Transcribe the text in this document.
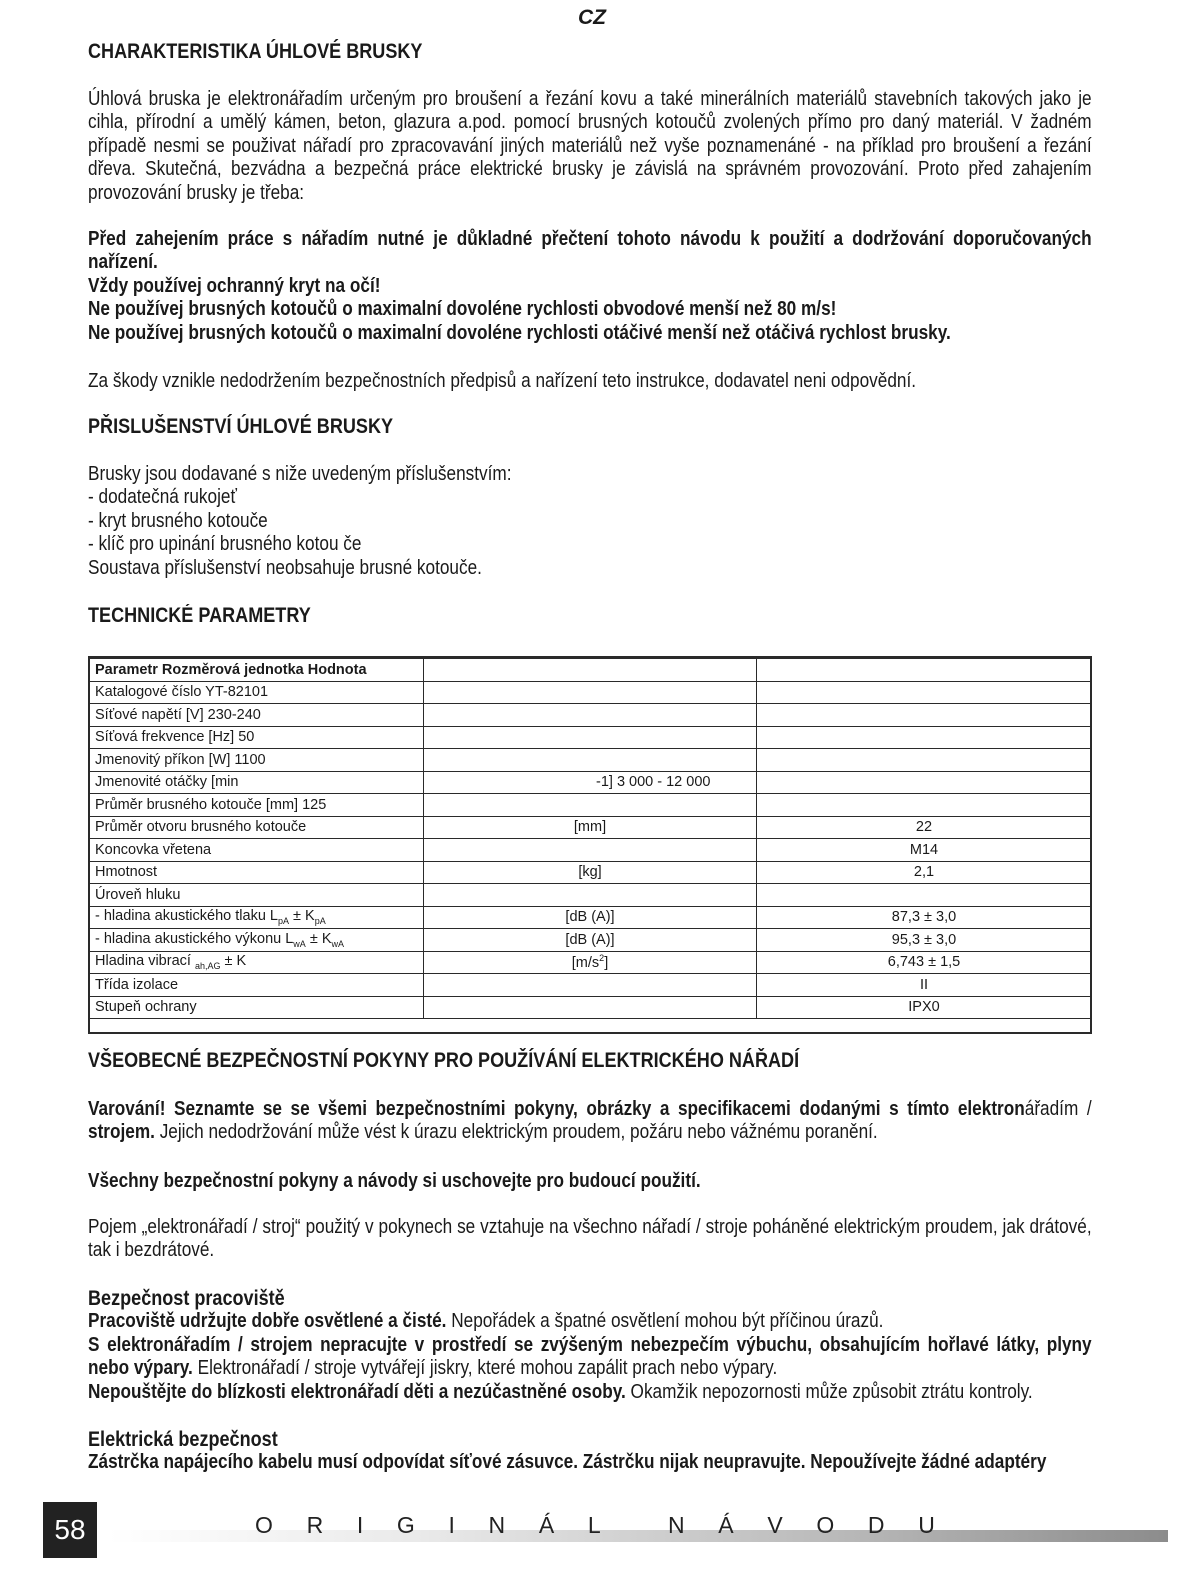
CZ
CHARAKTERISTIKA ÚHLOVÉ BRUSKY

Úhlová bruska je elektronářadím určeným pro broušení a řezání kovu a také minerálních materiálů stavebních takových jako je cihla, přírodní a umělý kámen, beton, glazura a.pod. pomocí brusných kotoučů zvolených přímo pro daný materiál. V žadném případě nesmi se použivat nářadí pro zpracovavání jiných materiálů než vyše poznamenáné - na příklad pro broušení a řezání dřeva. Skutečná, bezvádna a bezpečná práce elektrické brusky je závislá na správném provozování. Proto před zahajením provozování brusky je třeba:

Před zahejením práce s nářadím nutné je důkladné přečtení tohoto návodu k použití a dodržování doporučovaných nařízení.

Vždy používej ochranný kryt na očí!

Ne používej brusných kotoučů o maximalní dovoléne rychlosti obvodové menší než 80 m/s!

Ne používej brusných kotoučů o maximalní dovoléne rychlosti otáčivé menší než otáčivá rychlost brusky.

Za škody vznikle nedodržením bezpečnostních předpisů a nařízení teto instrukce, dodavatel neni odpovědní.

PŘISLUŠENSTVÍ ÚHLOVÉ BRUSKY

Brusky jsou dodavané s niže uvedeným příslušenstvím:

- dodatečná rukojeť

- kryt brusného kotouče

- klíč pro upinání brusného kotou če

Soustava příslušenství neobsahuje brusné kotouče.

TECHNICKÉ PARAMETRY
Parametr Rozměrová jednotka Hodnota		
Katalogové číslo YT-82101		
Síťové napětí [V] 230-240		
Síťová frekvence [Hz] 50		
Jmenovitý příkon [W] 1100		
Jmenovité otáčky [min	-1] 3 000 - 12 000	
Průměr brusného kotouče [mm] 125		
Průměr otvoru brusného kotouče	[mm]	22
Koncovka vřetena		M14
Hmotnost	[kg]	2,1
Úroveň hluku		
- hladina akustického tlaku $L_{pA} \pm K_{pA}$	[dB (A)]	87,3 ± 3,0
- hladina akustického výkonu $L_{wA} \pm K_{wA}$	[dB (A)]	95,3 ± 3,0
Hladina vibrací $_{ah,AG}$ ± K	$[m/s^2]$	6,743 ± 1,5
Třída izolace		II
Stupeň ochrany		IPX0
VŠEOBECNÉ BEZPEČNOSTNÍ POKYNY PRO POUŽÍVÁNÍ ELEKTRICKÉHO NÁŘADÍ

Varování! Seznamte se se všemi bezpečnostními pokyny, obrázky a specifikacemi dodanými s tímto elektronářadím / strojem. Jejich nedodržování může vést k úrazu elektrickým proudem, požáru nebo vážnému poranění.

Všechny bezpečnostní pokyny a návody si uschovejte pro budoucí použití.

Pojem „elektronářadí / stroj“ použitý v pokynech se vztahuje na všechno nářadí / stroje poháněné elektrickým proudem, jak drátové, tak i bezdrátové.

Bezpečnost pracoviště

Pracoviště udržujte dobře osvětlené a čisté. Nepořádek a špatné osvětlení mohou být příčinou úrazů.

S elektronářadím / strojem nepracujte v prostředí se zvýšeným nebezpečím výbuchu, obsahujícím hořlavé látky, plyny nebo výpary. Elektronářadí / stroje vytvářejí jiskry, které mohou zapálit prach nebo výpary.

Nepouštějte do blízkosti elektronářadí děti a nezúčastněné osoby. Okamžik nepozornosti může způsobit ztrátu kontroly.

Elektrická bezpečnost

Zástrčka napájecího kabelu musí odpovídat síťové zásuvce. Zástrčku nijak neupravujte. Nepoužívejte žádné adaptéry

O R I G I N Á L	N Á V O D U
58
